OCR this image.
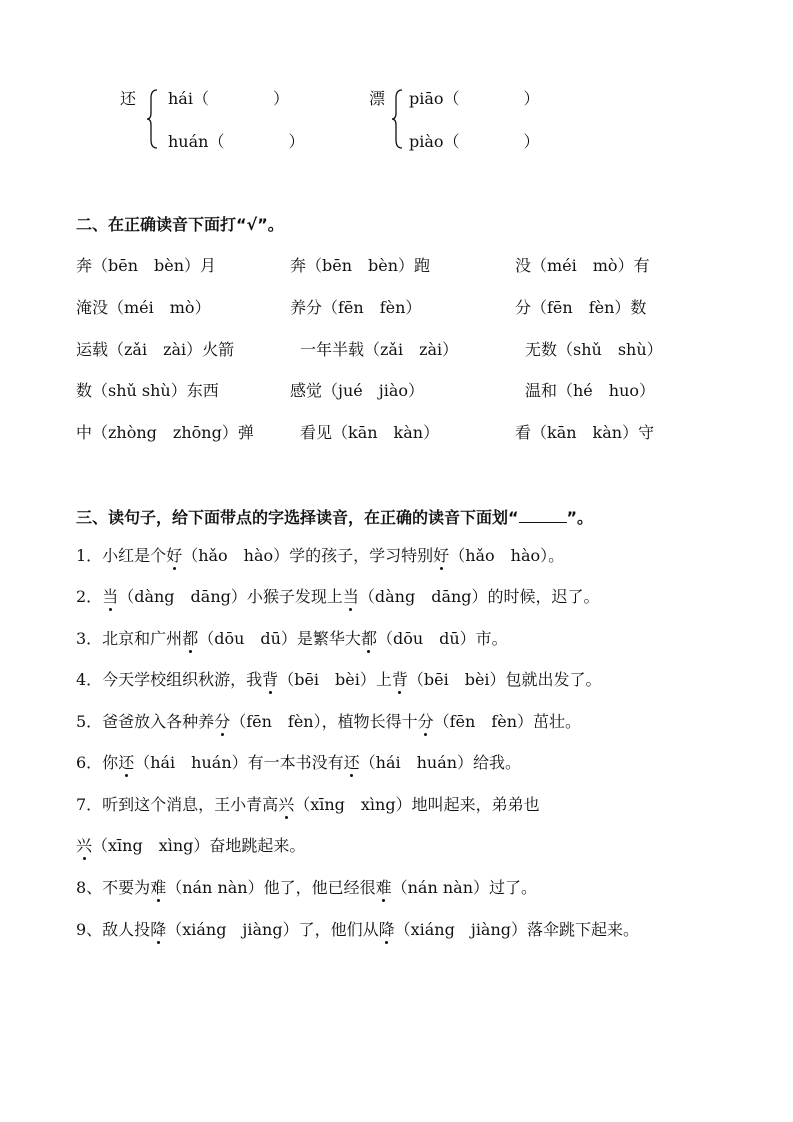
还 hái（　　　　）
huán（　　　　）
漂 piāo（　　　　）
piào（　　　　）
二、在正确读音下面打“√”。
奔（bēn　bèn）月	奔（bēn　bèn）跑	没（méi　mò）有
淹没（méi　mò）	养分（fēn　fèn）	分（fēn　fèn）数
运载（zǎi　zài）火箭	一年半载（zǎi　zài）	无数（shǔ　shù）
数（shǔ shù）东西	感觉（jué　jiào）	温和（hé　huo）
中（zhòng　zhōng）弹	看见（kān　kàn）	看（kān　kàn）守
三、读句子，给下面带点的字选择读音，在正确的读音下面划“	”。
1．小红是个好（hǎo　hào）学的孩子，学习特别好（hǎo　hào）。
2．当（dàng　dāng）小猴子发现上当（dàng　dāng）的时候，迟了。
3．北京和广州都（dōu　dū）是繁华大都（dōu　dū）市。
4．今天学校组织秋游，我背（bēi　bèi）上背（bēi　bèi）包就出发了。
5．爸爸放入各种养分（fēn　fèn），植物长得十分（fēn　fèn）茁壮。
6．你还（hái　huán）有一本书没有还（hái　huán）给我。
7．听到这个消息，王小青高兴（xīng　xìng）地叫起来，弟弟也
兴（xīng　xìng）奋地跳起来。
8、不要为难（nán nàn）他了，他已经很难（nán nàn）过了。
9、敌人投降（xiáng　jiàng）了，他们从降（xiáng　jiàng）落伞跳下起来。
